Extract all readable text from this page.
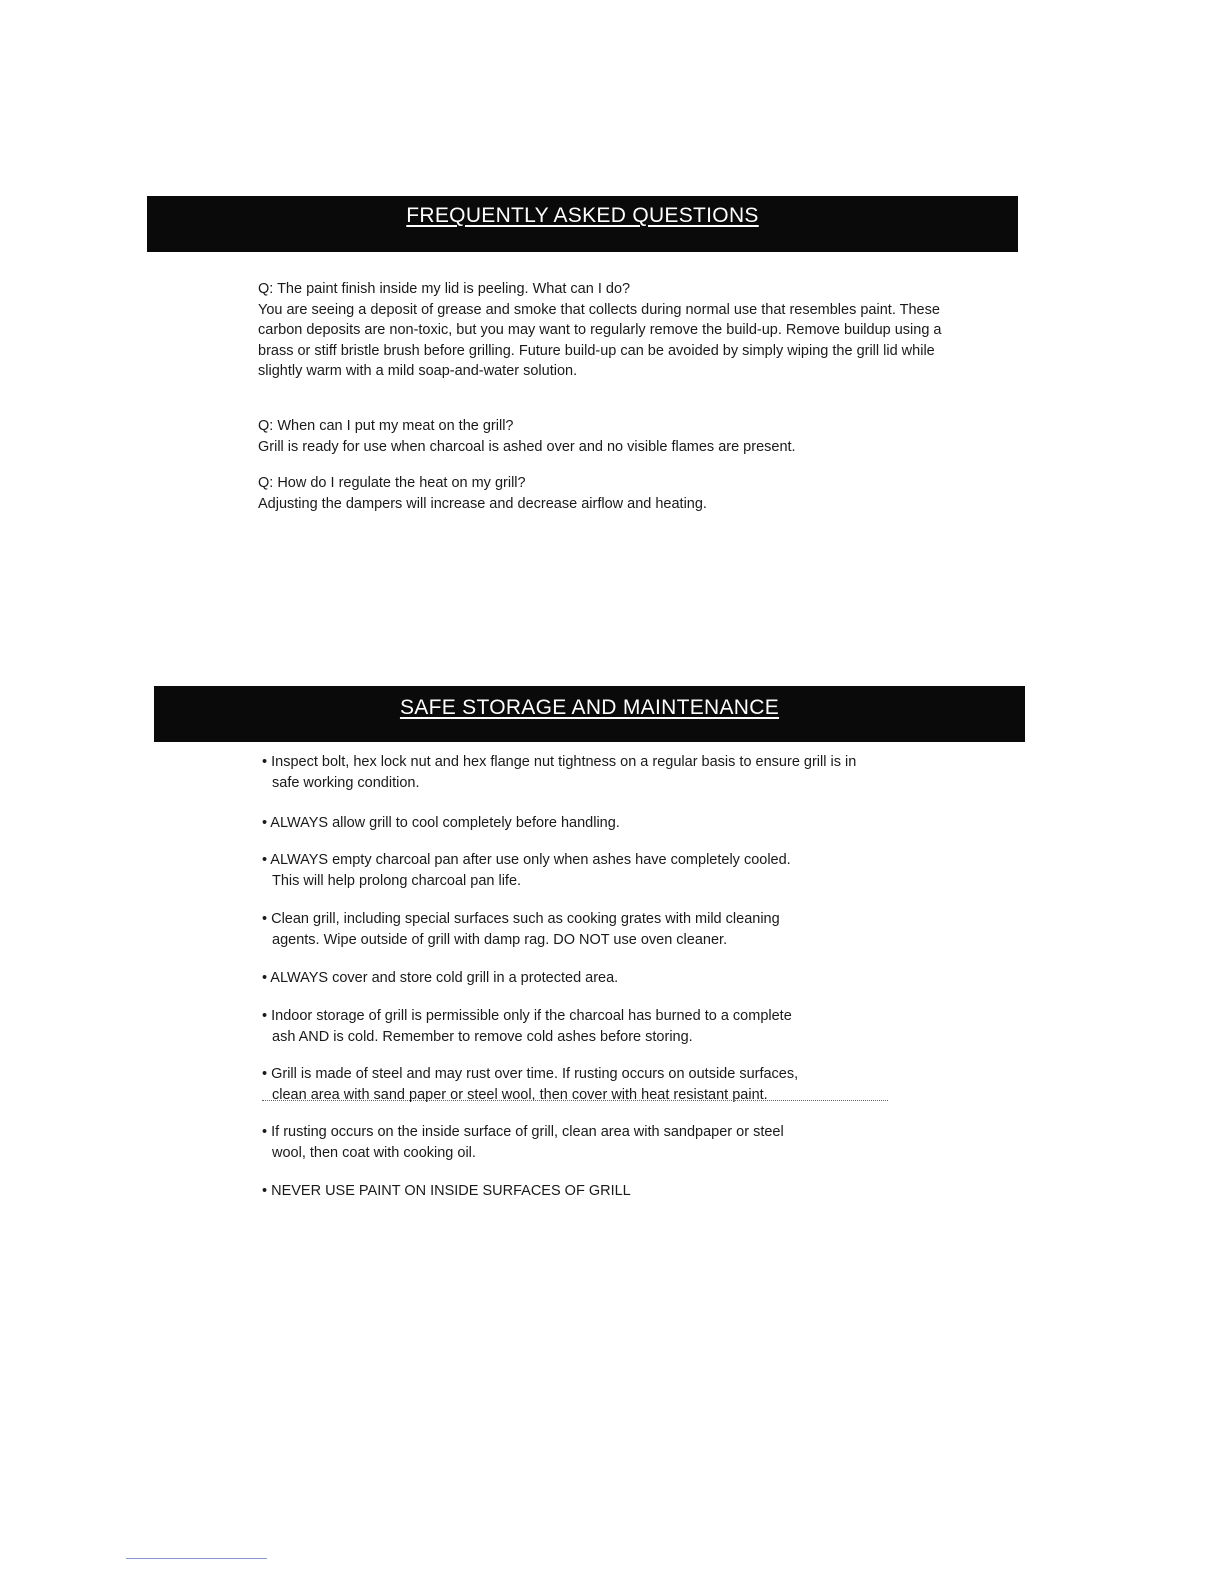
FREQUENTLY ASKED QUESTIONS

Q: The paint finish inside my lid is peeling. What can I do?

You are seeing a deposit of grease and smoke that collects during normal use that resembles paint. These carbon deposits are non-toxic, but you may want to regularly remove the build-up. Remove buildup using a brass or stiff bristle brush before grilling. Future build-up can be avoided by simply wiping the grill lid while slightly warm with a mild soap-and-water solution.

Q: When can I put my meat on the grill?

Grill is ready for use when charcoal is ashed over and no visible flames are present.

Q: How do I regulate the heat on my grill?

Adjusting the dampers will increase and decrease airflow and heating.

SAFE STORAGE AND MAINTENANCE
• Inspect bolt, hex lock nut and hex flange nut tightness on a regular basis to ensure grill is in
safe working condition.
• ALWAYS allow grill to cool completely before handling.
• ALWAYS empty charcoal pan after use only when ashes have completely cooled.
This will help prolong charcoal pan life.
• Clean grill, including special surfaces such as cooking grates with mild cleaning
agents. Wipe outside of grill with damp rag. DO NOT use oven cleaner.
• ALWAYS cover and store cold grill in a protected area.
• Indoor storage of grill is permissible only if the charcoal has burned to a complete
ash AND is cold. Remember to remove cold ashes before storing.
• Grill is made of steel and may rust over time. If rusting occurs on outside surfaces,
clean area with sand paper or steel wool, then cover with heat resistant paint.
• If rusting occurs on the inside surface of grill, clean area with sandpaper or steel
wool, then coat with cooking oil.
• NEVER USE PAINT ON INSIDE SURFACES OF GRILL
